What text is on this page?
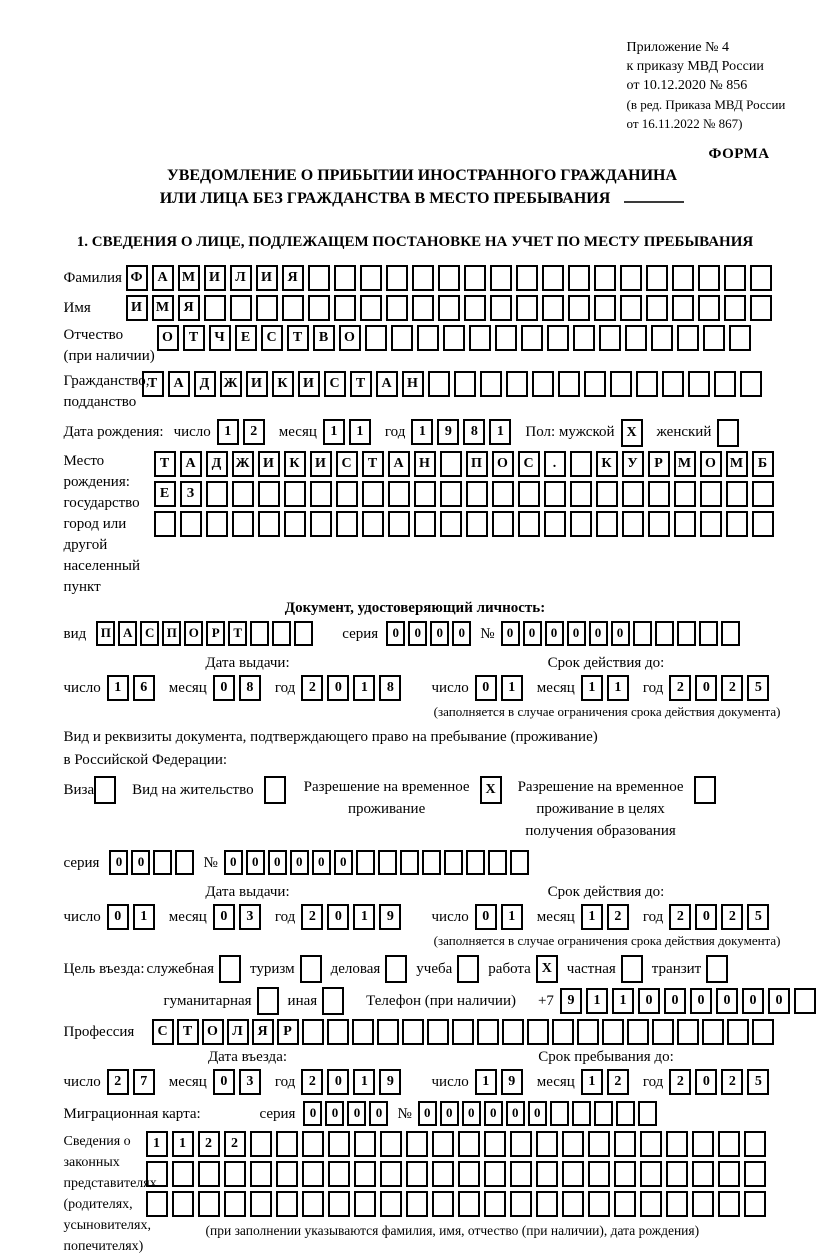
Приложение № 4
к приказу МВД России
от 10.12.2020 № 856
(в ред. Приказа МВД России
от 16.11.2022 № 867)
ФОРМА
УВЕДОМЛЕНИЕ О ПРИБЫТИИ ИНОСТРАННОГО ГРАЖДАНИНА
ИЛИ ЛИЦА БЕЗ ГРАЖДАНСТВА В МЕСТО ПРЕБЫВАНИЯ
1. СВЕДЕНИЯ О ЛИЦЕ, ПОДЛЕЖАЩЕМ ПОСТАНОВКЕ НА УЧЕТ ПО МЕСТУ ПРЕБЫВАНИЯ
Фамилия Ф	А	М И	Л	И	Я
Имя	И М	Я
Отчество
(при наличии)
О	Т	Ч	Е	С	Т	В	О
Гражданство,
подданство
Т	А	Д	Ж И	К	И	С	Т	А	Н
Дата рождения: число 1	2	месяц 1	1	год 1	9	8	1	Пол: мужской X	женский
Место рождения:
государство
город или другой
населенный пункт
Т	А	Д	Ж И	К	И	С	Т	А	Н	П	О	С	.	К	У	Р	М О М	Б
Е	З
Документ, удостоверяющий личность:
вид	П А С П О Р	Т	серия	0	0	0	0	№ 0	0	0	0	0	0
Дата выдачи:
число 1	6	месяц 0	8	год 2	0	1	8
Срок действия до:
число 0	1	месяц 1	1	год 2	0	2	5
(заполняется в случае ограничения срока действия документа)
Вид и реквизиты документа, подтверждающего право на пребывание (проживание)
в Российской Федерации:
Виза	Вид на жительство	Разрешение на временное
проживание
X	Разрешение на временное
проживание в целях
получения образования
серия	0	0	№ 0	0	0	0	0	0
Дата выдачи:
число 0	1	месяц 0	3	год 2	0	1	9
Срок действия до:
число 0	1	месяц 1	2	год 2	0	2	5
(заполняется в случае ограничения срока действия документа)
Цель въезда: служебная туризм деловая учеба работа X частная транзит
гуманитарная иная	Телефон (при наличии) +7 9	1	1	0	0	0	0	0	0
Профессия	С	Т	О	Л	Я	Р
Дата въезда:
число 2	7	месяц 0	3	год 2	0	1	9
Срок пребывания до:
число 1	9	месяц 1	2	год 2	0	2	5
Миграционная карта:	серия	0	0	0	0	№ 0	0	0	0	0	0
Сведения о
законных
представителях
(родителях,
усыновителях,
попечителях)
1	1	2	2
(при заполнении указываются фамилия, имя, отчество (при наличии), дата рождения)
